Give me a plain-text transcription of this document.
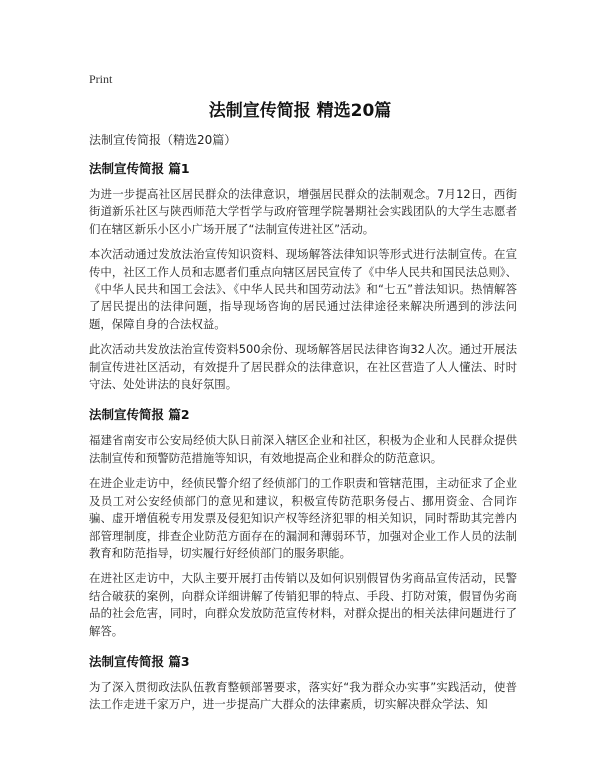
Print
法制宣传简报 精选20篇
法制宣传简报（精选20篇）
法制宣传简报 篇1

为进一步提高社区居民群众的法律意识，增强居民群众的法制观念。7月12日，西街街道新乐社区与陕西师范大学哲学与政府管理学院暑期社会实践团队的大学生志愿者们在辖区新乐小区小广场开展了“法制宣传进社区”活动。

本次活动通过发放法治宣传知识资料、现场解答法律知识等形式进行法制宣传。在宣传中，社区工作人员和志愿者们重点向辖区居民宣传了《中华人民共和国民法总则》、《中华人民共和国工会法》、《中华人民共和国劳动法》和“七五”普法知识。热情解答了居民提出的法律问题，指导现场咨询的居民通过法律途径来解决所遇到的涉法问题，保障自身的合法权益。

此次活动共发放法治宣传资料500余份、现场解答居民法律咨询32人次。通过开展法制宣传进社区活动，有效提升了居民群众的法律意识，在社区营造了人人懂法、时时守法、处处讲法的良好氛围。

法制宣传简报 篇2

福建省南安市公安局经侦大队日前深入辖区企业和社区，积极为企业和人民群众提供法制宣传和预警防范措施等知识，有效地提高企业和群众的防范意识。

在进企业走访中，经侦民警介绍了经侦部门的工作职责和管辖范围，主动征求了企业及员工对公安经侦部门的意见和建议，积极宣传防范职务侵占、挪用资金、合同诈骗、虚开增值税专用发票及侵犯知识产权等经济犯罪的相关知识，同时帮助其完善内部管理制度，排查企业防范方面存在的漏洞和薄弱环节，加强对企业工作人员的法制教育和防范指导，切实履行好经侦部门的服务职能。

在进社区走访中，大队主要开展打击传销以及如何识别假冒伪劣商品宣传活动，民警结合破获的案例，向群众详细讲解了传销犯罪的特点、手段、打防对策，假冒伪劣商品的社会危害，同时，向群众发放防范宣传材料，对群众提出的相关法律问题进行了解答。

法制宣传简报 篇3

为了深入贯彻政法队伍教育整顿部署要求，落实好“我为群众办实事”实践活动，使普法工作走进千家万户，进一步提高广大群众的法律素质，切实解决群众学法、知
